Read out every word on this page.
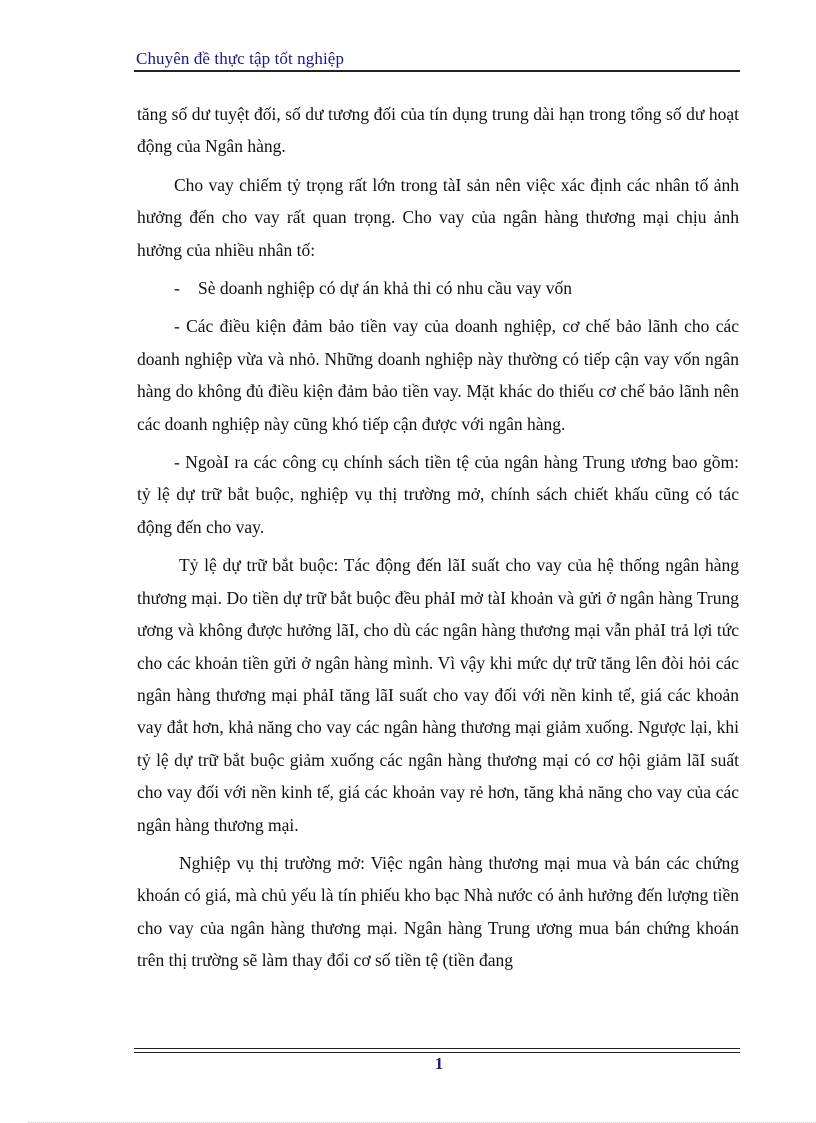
Chuyên đề thực tập tốt nghiệp

tăng số dư tuyệt đối, số dư tương đối của tín dụng trung dài hạn trong tổng số dư hoạt động của Ngân hàng.

Cho vay chiếm tỷ trọng rất lớn trong tàI sản nên việc xác định các nhân tố ảnh hưởng đến cho vay rất quan trọng. Cho vay của ngân hàng thương mại chịu ảnh hưởng của nhiều nhân tố:

- Sè doanh nghiệp có dự án khả thi có nhu cầu vay vốn

- Các điều kiện đảm bảo tiền vay của doanh nghiệp, cơ chế bảo lãnh cho các doanh nghiệp vừa và nhỏ. Những doanh nghiệp này thường có tiếp cận vay vốn ngân hàng do không đủ điều kiện đảm bảo tiền vay. Mặt khác do thiếu cơ chế bảo lãnh nên các doanh nghiệp này cũng khó tiếp cận được với ngân hàng.

- NgoàI ra các công cụ chính sách tiền tệ của ngân hàng Trung ương bao gồm: tỷ lệ dự trữ bắt buộc, nghiệp vụ thị trường mở, chính sách chiết khấu cũng có tác động đến cho vay.

Tỷ lệ dự trữ bắt buộc: Tác động đến lãI suất cho vay của hệ thống ngân hàng thương mại. Do tiền dự trữ bắt buộc đều phảI mở tàI khoản và gửi ở ngân hàng Trung ương và không được hưởng lãI, cho dù các ngân hàng thương mại vẫn phảI trả lợi tức cho các khoản tiền gửi ở ngân hàng mình. Vì vậy khi mức dự trữ tăng lên đòi hỏi các ngân hàng thương mại phảI tăng lãI suất cho vay đối với nền kinh tế, giá các khoản vay đắt hơn, khả năng cho vay các ngân hàng thương mại giảm xuống. Ngược lại, khi tỷ lệ dự trữ bắt buộc giảm xuống các ngân hàng thương mại có cơ hội giảm lãI suất cho vay đối với nền kinh tế, giá các khoản vay rẻ hơn, tăng khả năng cho vay của các ngân hàng thương mại.

Nghiệp vụ thị trường mở: Việc ngân hàng thương mại mua và bán các chứng khoán có giá, mà chủ yếu là tín phiếu kho bạc Nhà nước có ảnh hưởng đến lượng tiền cho vay của ngân hàng thương mại. Ngân hàng Trung ương mua bán chứng khoán trên thị trường sẽ làm thay đổi cơ số tiền tệ (tiền đang

1
